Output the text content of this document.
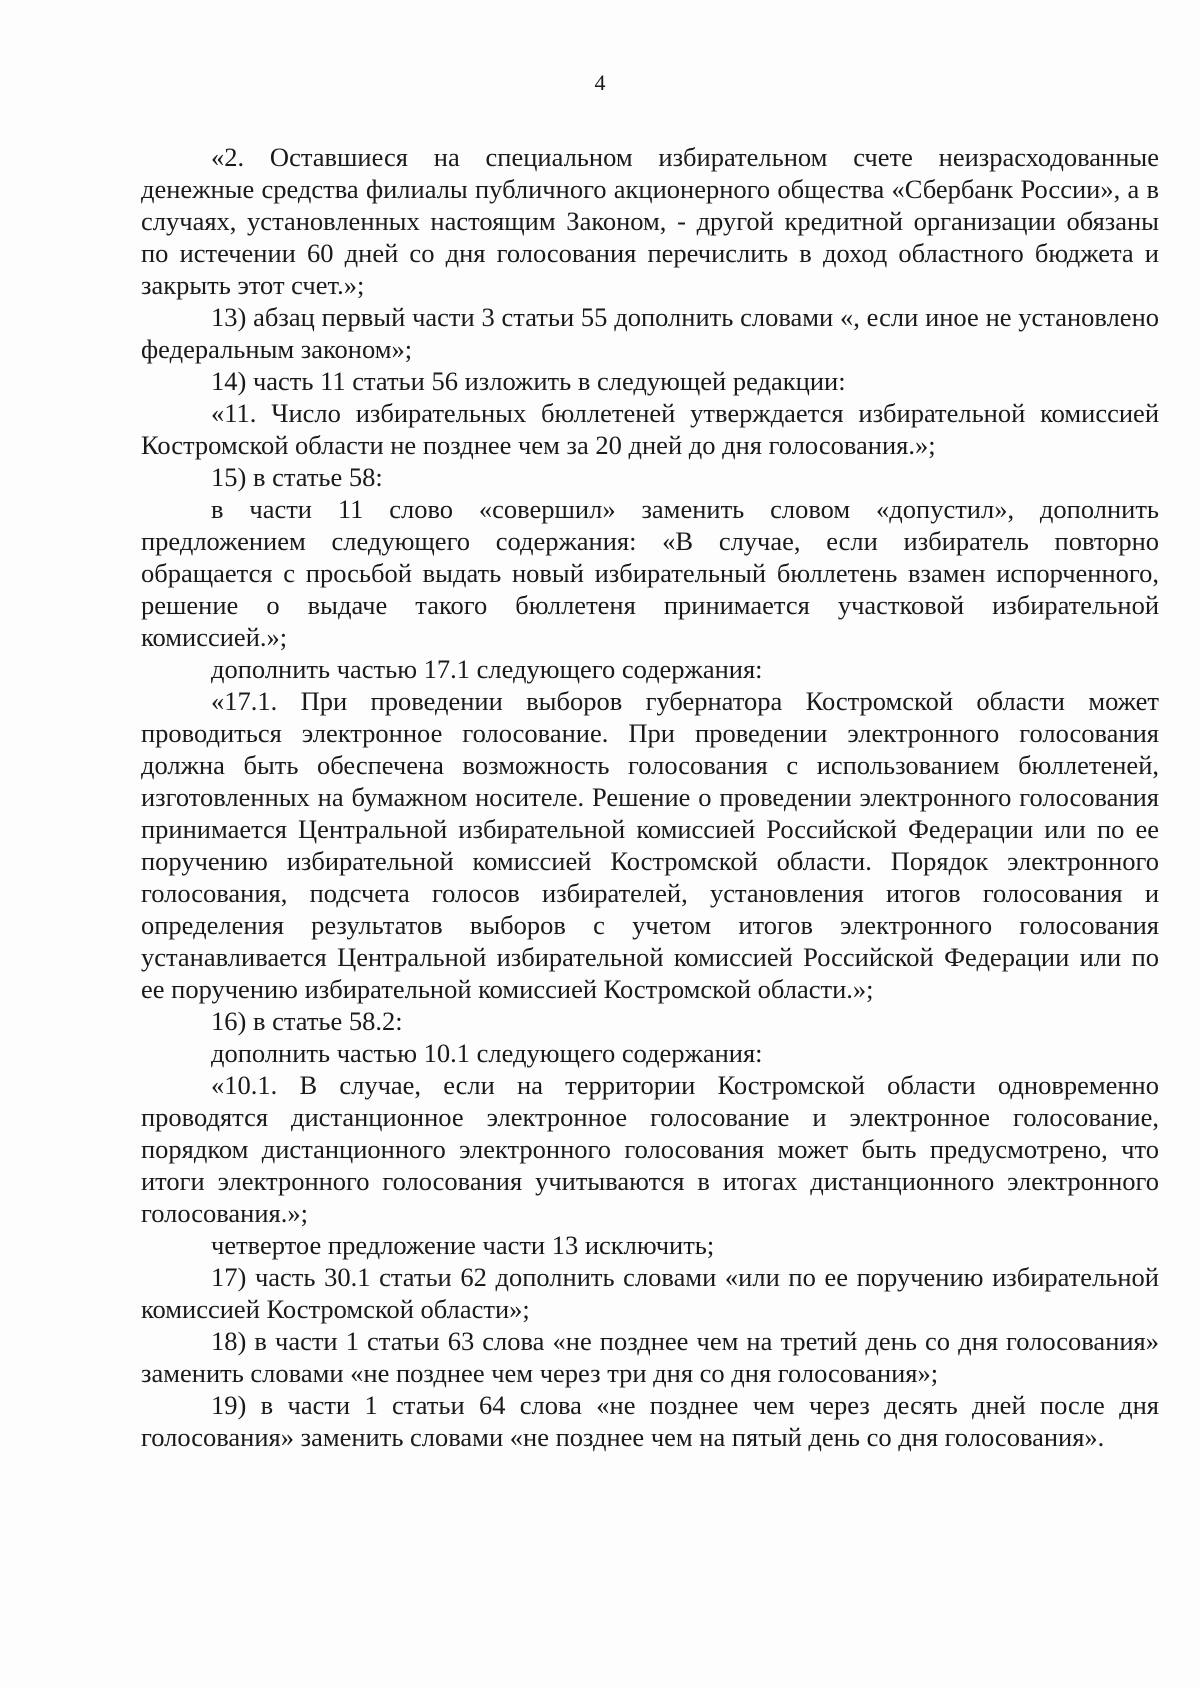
4

«2. Оставшиеся на специальном избирательном счете неизрасходованные денежные средства филиалы публичного акционерного общества «Сбербанк России», а в случаях, установленных настоящим Законом, - другой кредитной организации обязаны по истечении 60 дней со дня голосования перечислить в доход областного бюджета и закрыть этот счет.»;

13) абзац первый части 3 статьи 55 дополнить словами «, если иное не установлено федеральным законом»;

14) часть 11 статьи 56 изложить в следующей редакции:

«11. Число избирательных бюллетеней утверждается избирательной комиссией Костромской области не позднее чем за 20 дней до дня голосования.»;

15) в статье 58:

в части 11 слово «совершил» заменить словом «допустил», дополнить предложением следующего содержания: «В случае, если избиратель повторно обращается с просьбой выдать новый избирательный бюллетень взамен испорченного, решение о выдаче такого бюллетеня принимается участковой избирательной комиссией.»;

дополнить частью 17.1 следующего содержания:

«17.1. При проведении выборов губернатора Костромской области может проводиться электронное голосование. При проведении электронного голосования должна быть обеспечена возможность голосования с использованием бюллетеней, изготовленных на бумажном носителе. Решение о проведении электронного голосования принимается Центральной избирательной комиссией Российской Федерации или по ее поручению избирательной комиссией Костромской области. Порядок электронного голосования, подсчета голосов избирателей, установления итогов голосования и определения результатов выборов с учетом итогов электронного голосования устанавливается Центральной избирательной комиссией Российской Федерации или по ее поручению избирательной комиссией Костромской области.»;

16) в статье 58.2:

дополнить частью 10.1 следующего содержания:

«10.1. В случае, если на территории Костромской области одновременно проводятся дистанционное электронное голосование и электронное голосование, порядком дистанционного электронного голосования может быть предусмотрено, что итоги электронного голосования учитываются в итогах дистанционного электронного голосования.»;

четвертое предложение части 13 исключить;

17) часть 30.1 статьи 62 дополнить словами «или по ее поручению избирательной комиссией Костромской области»;

18) в части 1 статьи 63 слова «не позднее чем на третий день со дня голосования» заменить словами «не позднее чем через три дня со дня голосования»;

19) в части 1 статьи 64 слова «не позднее чем через десять дней после дня голосования» заменить словами «не позднее чем на пятый день со дня голосования».
